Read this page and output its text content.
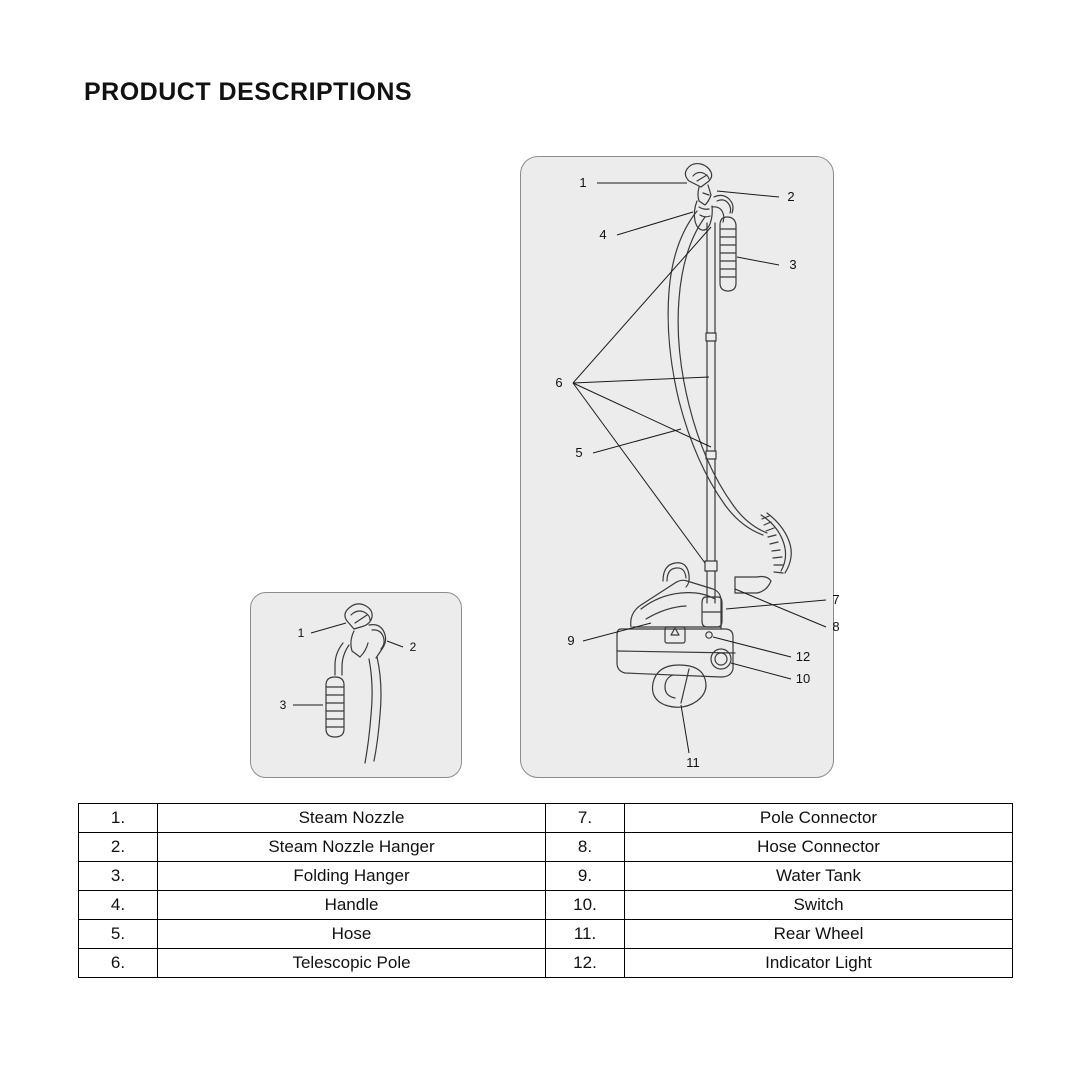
PRODUCT DESCRIPTIONS
1
2
3
4
5
6
7
8
9
10
11
12
1
2
3
1.	Steam Nozzle	7.	Pole Connector
2.	Steam Nozzle Hanger	8.	Hose Connector
3.	Folding Hanger	9.	Water Tank
4.	Handle	10.	Switch
5.	Hose	11.	Rear Wheel
6.	Telescopic Pole	12.	Indicator Light
